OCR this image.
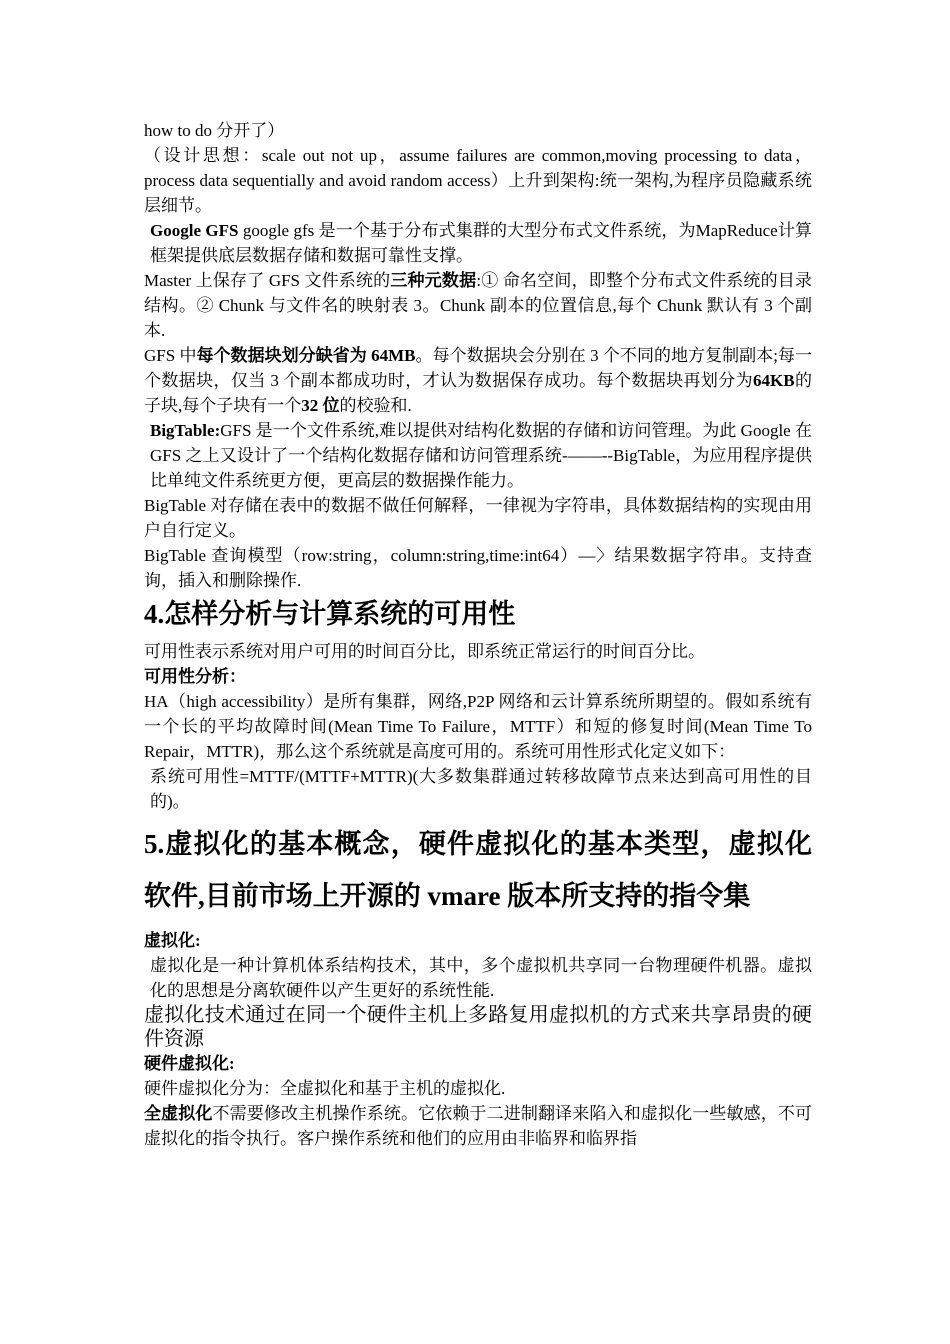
how to do 分开了）

（设计思想：scale out not up，assume failures are common,moving processing to data，process data sequentially and avoid random access）上升到架构:统一架构,为程序员隐藏系统层细节。

Google GFS google gfs 是一个基于分布式集群的大型分布式文件系统，为MapReduce计算框架提供底层数据存储和数据可靠性支撑。

Master 上保存了 GFS 文件系统的三种元数据:① 命名空间，即整个分布式文件系统的目录结构。② Chunk 与文件名的映射表 3。Chunk 副本的位置信息,每个 Chunk 默认有 3 个副本.

GFS 中每个数据块划分缺省为 64MB。每个数据块会分别在 3 个不同的地方复制副本;每一个数据块，仅当 3 个副本都成功时，才认为数据保存成功。每个数据块再划分为64KB的子块,每个子块有一个32 位的校验和.

BigTable:GFS 是一个文件系统,难以提供对结构化数据的存储和访问管理。为此 Google 在 GFS 之上又设计了一个结构化数据存储和访问管理系统-——--BigTable，为应用程序提供比单纯文件系统更方便，更高层的数据操作能力。

BigTable 对存储在表中的数据不做任何解释，一律视为字符串，具体数据结构的实现由用户自行定义。

BigTable 查询模型（row:string，column:string,time:int64）—〉结果数据字符串。支持查询，插入和删除操作.

4.怎样分析与计算系统的可用性

可用性表示系统对用户可用的时间百分比，即系统正常运行的时间百分比。

可用性分析：

HA（high accessibility）是所有集群，网络,P2P 网络和云计算系统所期望的。假如系统有一个长的平均故障时间(Mean Time To Failure，MTTF）和短的修复时间(Mean Time To Repair，MTTR)，那么这个系统就是高度可用的。系统可用性形式化定义如下：

系统可用性=MTTF/(MTTF+MTTR)(大多数集群通过转移故障节点来达到高可用性的目的)。

5.虚拟化的基本概念，硬件虚拟化的基本类型，虚拟化软件,目前市场上开源的 vmare 版本所支持的指令集

虚拟化:

虚拟化是一种计算机体系结构技术，其中，多个虚拟机共享同一台物理硬件机器。虚拟化的思想是分离软硬件以产生更好的系统性能.

虚拟化技术通过在同一个硬件主机上多路复用虚拟机的方式来共享昂贵的硬件资源

硬件虚拟化:

硬件虚拟化分为：全虚拟化和基于主机的虚拟化.

全虚拟化不需要修改主机操作系统。它依赖于二进制翻译来陷入和虚拟化一些敏感，不可虚拟化的指令执行。客户操作系统和他们的应用由非临界和临界指
